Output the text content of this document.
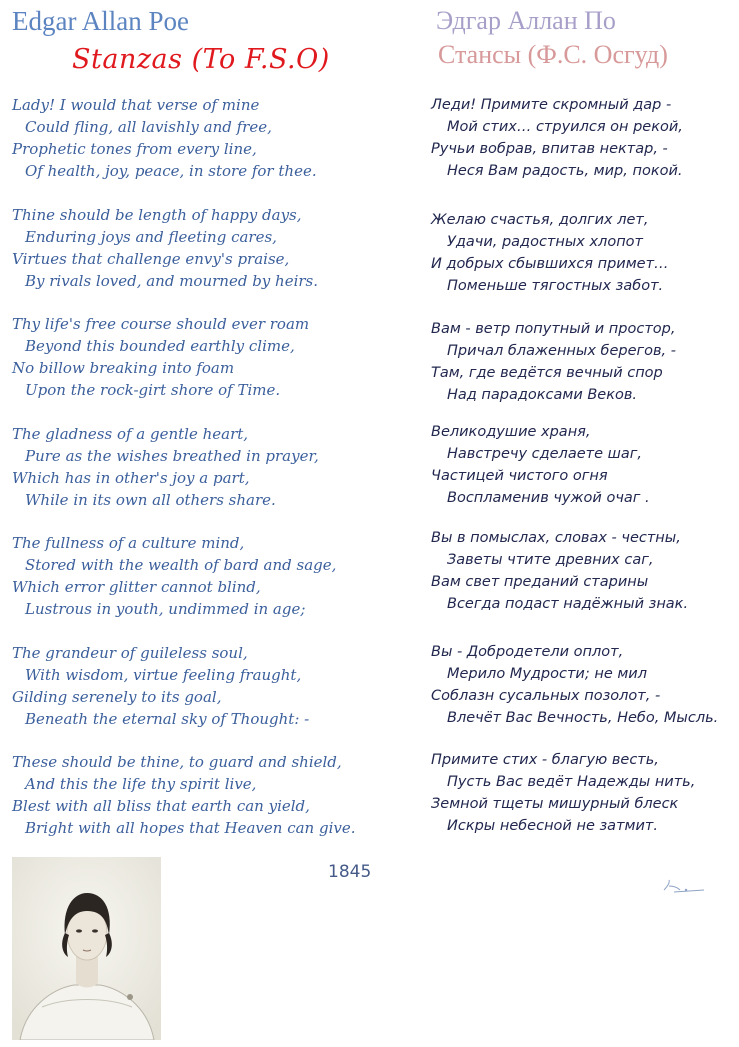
Edgar Allan Poe
Stanzas (To F.S.O)
Эдгар Аллан По
Стансы (Ф.С. Осгуд)
Lady! I would that verse of mine
Could fling, all lavishly and free,
Prophetic tones from every line,
Of health, joy, peace, in store for thee.
Thine should be length of happy days,
Enduring joys and fleeting cares,
Virtues that challenge envy's praise,
By rivals loved, and mourned by heirs.
Thy life's free course should ever roam
Beyond this bounded earthly clime,
No billow breaking into foam
Upon the rock-girt shore of Time.
The gladness of a gentle heart,
Pure as the wishes breathed in prayer,
Which has in other's joy a part,
While in its own all others share.
The fullness of a culture mind,
Stored with the wealth of bard and sage,
Which error glitter cannot blind,
Lustrous in youth, undimmed in age;
The grandeur of guileless soul,
With wisdom, virtue feeling fraught,
Gilding serenely to its goal,
Beneath the eternal sky of Thought: -
These should be thine, to guard and shield,
And this the life thy spirit live,
Blest with all bliss that earth can yield,
Bright with all hopes that Heaven can give.
Леди! Примите скромный дар -
Мой стих… струился он рекой,
Ручьи вобрав, впитав нектар, -
Неся Вам радость, мир, покой.
Желаю счастья, долгих лет,
Удачи, радостных хлопот
И добрых сбывшихся примет…
Поменьше тягостных забот.
Вам - ветр попутный и простор,
Причал блаженных берегов, -
Там, где ведётся вечный спор
Над парадоксами Веков.
Великодушие храня,
Навстречу сделаете шаг,
Частицей чистого огня
Воспламенив чужой очаг .
Вы в помыслах, словах - честны,
Заветы чтите древних саг,
Вам свет преданий старины
Всегда подаст надёжный знак.
Вы - Добродетели оплот,
Мерило Мудрости; не мил
Соблазн сусальных позолот, -
Влечёт Вас Вечность, Небо, Мысль.
Примите стих - благую весть,
Пусть Вас ведёт Надежды нить,
Земной тщеты мишурный блеск
Искры небесной не затмит.
1845
